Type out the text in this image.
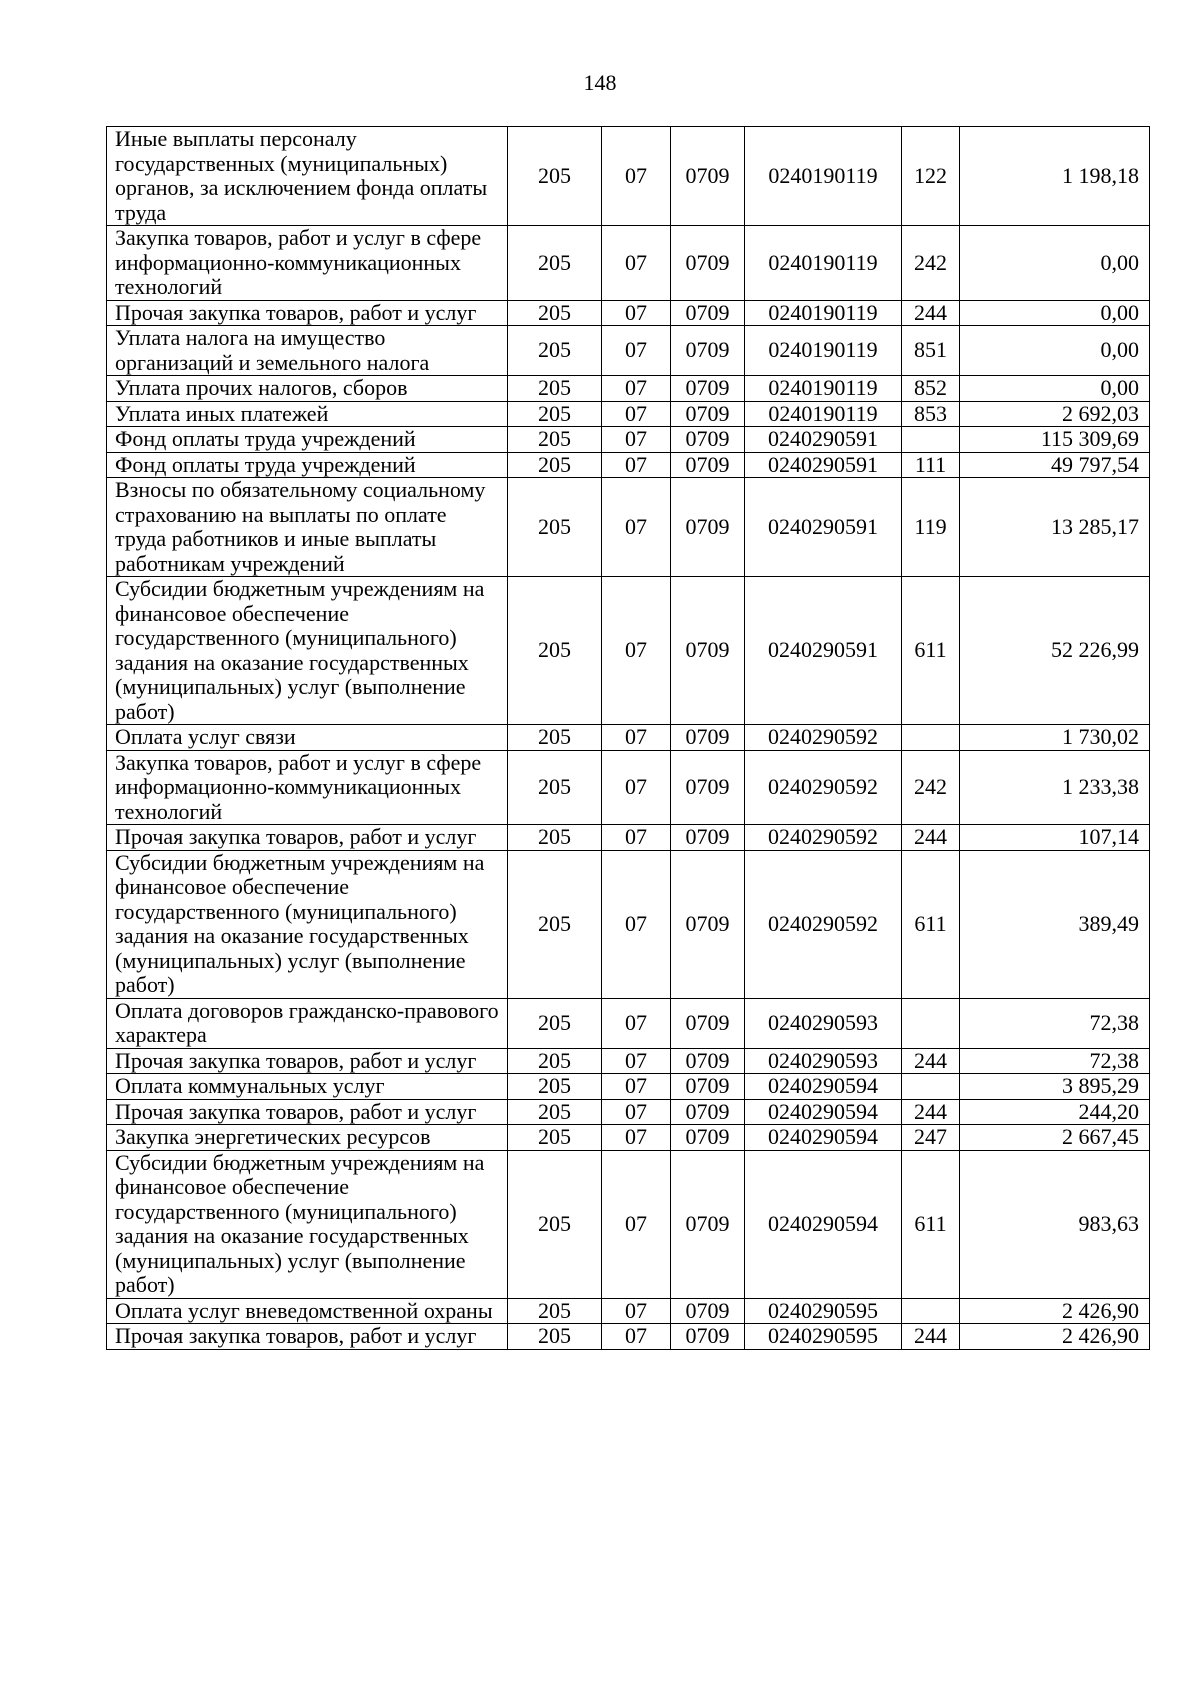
148
Иные выплаты персоналу государственных (муниципальных) органов, за исключением фонда оплаты труда	205	07	0709	0240190119	122	1 198,18
Закупка товаров, работ и услуг в сфере информационно-коммуникационных технологий	205	07	0709	0240190119	242	0,00
Прочая закупка товаров, работ и услуг	205	07	0709	0240190119	244	0,00
Уплата налога на имущество организаций и земельного налога	205	07	0709	0240190119	851	0,00
Уплата прочих налогов, сборов	205	07	0709	0240190119	852	0,00
Уплата иных платежей	205	07	0709	0240190119	853	2 692,03
Фонд оплаты труда учреждений	205	07	0709	0240290591		115 309,69
Фонд оплаты труда учреждений	205	07	0709	0240290591	111	49 797,54
Взносы по обязательному социальному страхованию на выплаты по оплате труда работников и иные выплаты работникам учреждений	205	07	0709	0240290591	119	13 285,17
Субсидии бюджетным учреждениям на финансовое обеспечение государственного (муниципального) задания на оказание государственных (муниципальных) услуг (выполнение работ)	205	07	0709	0240290591	611	52 226,99
Оплата услуг связи	205	07	0709	0240290592		1 730,02
Закупка товаров, работ и услуг в сфере информационно-коммуникационных технологий	205	07	0709	0240290592	242	1 233,38
Прочая закупка товаров, работ и услуг	205	07	0709	0240290592	244	107,14
Субсидии бюджетным учреждениям на финансовое обеспечение государственного (муниципального) задания на оказание государственных (муниципальных) услуг (выполнение работ)	205	07	0709	0240290592	611	389,49
Оплата договоров гражданско-правового характера	205	07	0709	0240290593		72,38
Прочая закупка товаров, работ и услуг	205	07	0709	0240290593	244	72,38
Оплата коммунальных услуг	205	07	0709	0240290594		3 895,29
Прочая закупка товаров, работ и услуг	205	07	0709	0240290594	244	244,20
Закупка энергетических ресурсов	205	07	0709	0240290594	247	2 667,45
Субсидии бюджетным учреждениям на финансовое обеспечение государственного (муниципального) задания на оказание государственных (муниципальных) услуг (выполнение работ)	205	07	0709	0240290594	611	983,63
Оплата услуг вневедомственной охраны	205	07	0709	0240290595		2 426,90
Прочая закупка товаров, работ и услуг	205	07	0709	0240290595	244	2 426,90
